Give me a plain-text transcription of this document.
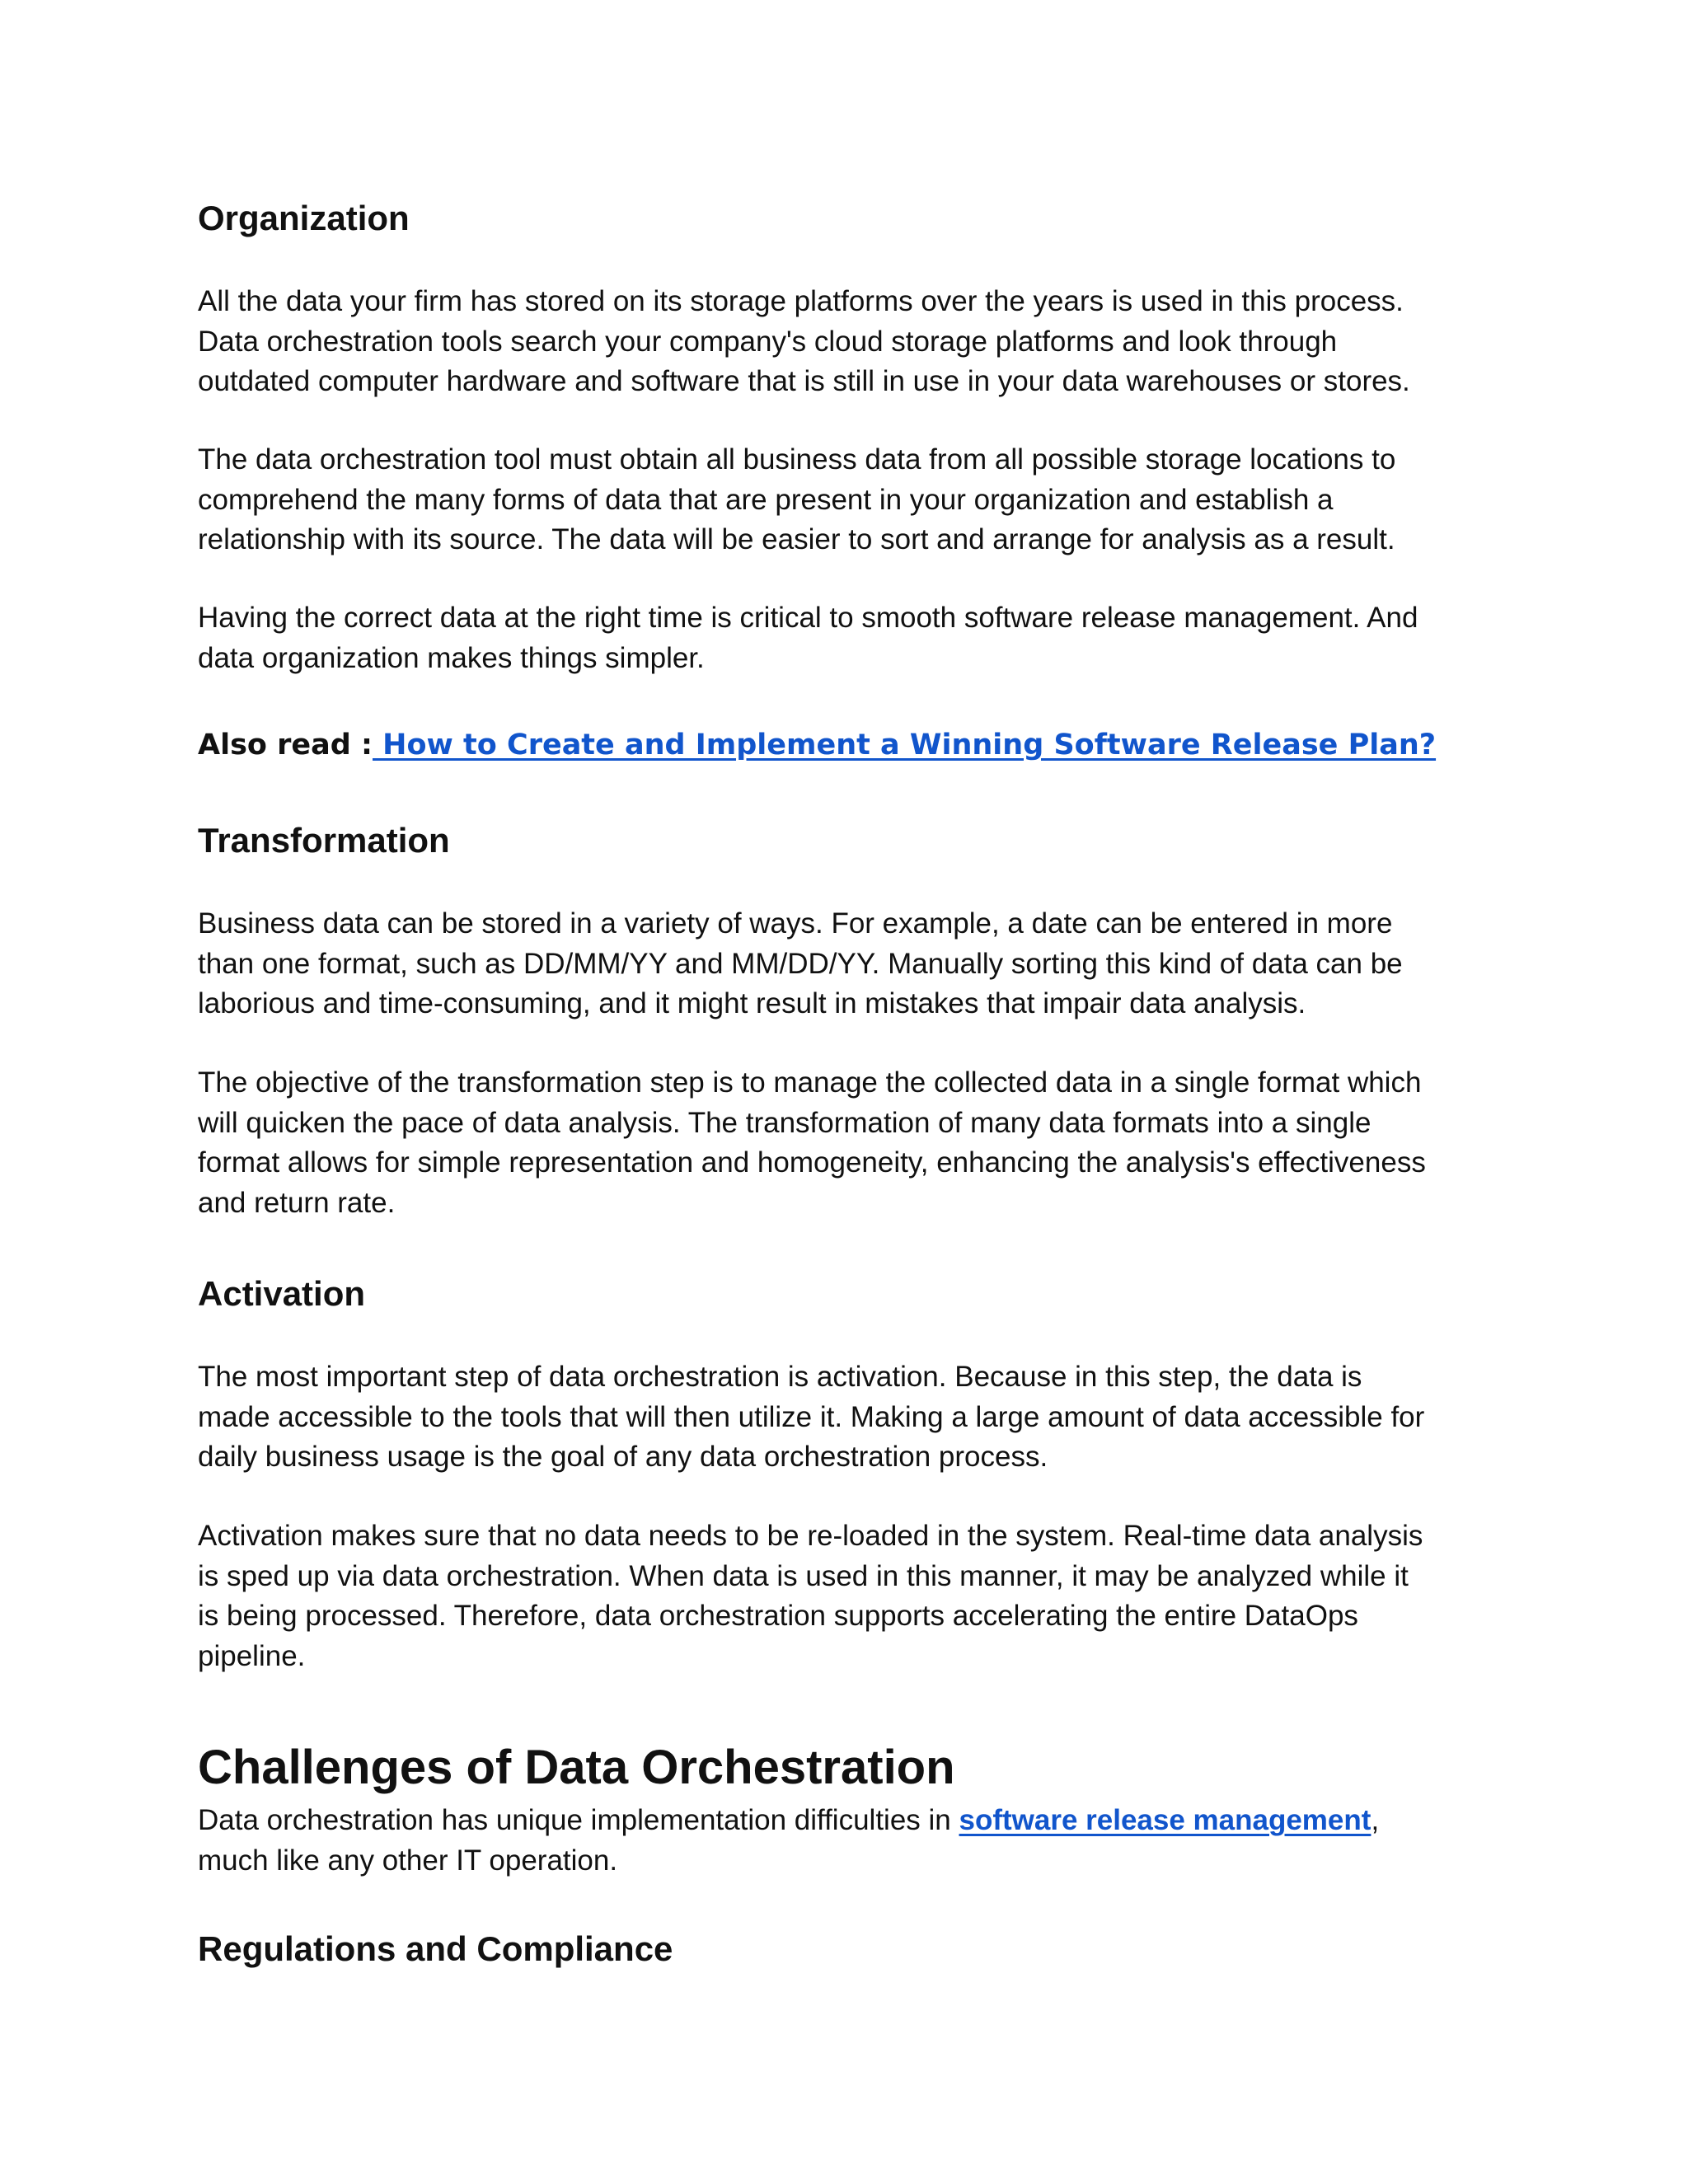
Organization

All the data your firm has stored on its storage platforms over the years is used in this process.
Data orchestration tools search your company's cloud storage platforms and look through
outdated computer hardware and software that is still in use in your data warehouses or stores.

The data orchestration tool must obtain all business data from all possible storage locations to
comprehend the many forms of data that are present in your organization and establish a
relationship with its source. The data will be easier to sort and arrange for analysis as a result.

Having the correct data at the right time is critical to smooth software release management. And
data organization makes things simpler.

Also read : How to Create and Implement a Winning Software Release Plan?

Transformation

Business data can be stored in a variety of ways. For example, a date can be entered in more
than one format, such as DD/MM/YY and MM/DD/YY. Manually sorting this kind of data can be
laborious and time-consuming, and it might result in mistakes that impair data analysis.

The objective of the transformation step is to manage the collected data in a single format which
will quicken the pace of data analysis. The transformation of many data formats into a single
format allows for simple representation and homogeneity, enhancing the analysis's effectiveness
and return rate.

Activation

The most important step of data orchestration is activation. Because in this step, the data is
made accessible to the tools that will then utilize it. Making a large amount of data accessible for
daily business usage is the goal of any data orchestration process.

Activation makes sure that no data needs to be re-loaded in the system. Real-time data analysis
is sped up via data orchestration. When data is used in this manner, it may be analyzed while it
is being processed. Therefore, data orchestration supports accelerating the entire DataOps
pipeline.

Challenges of Data Orchestration

Data orchestration has unique implementation difficulties in software release management,
much like any other IT operation.

Regulations and Compliance
